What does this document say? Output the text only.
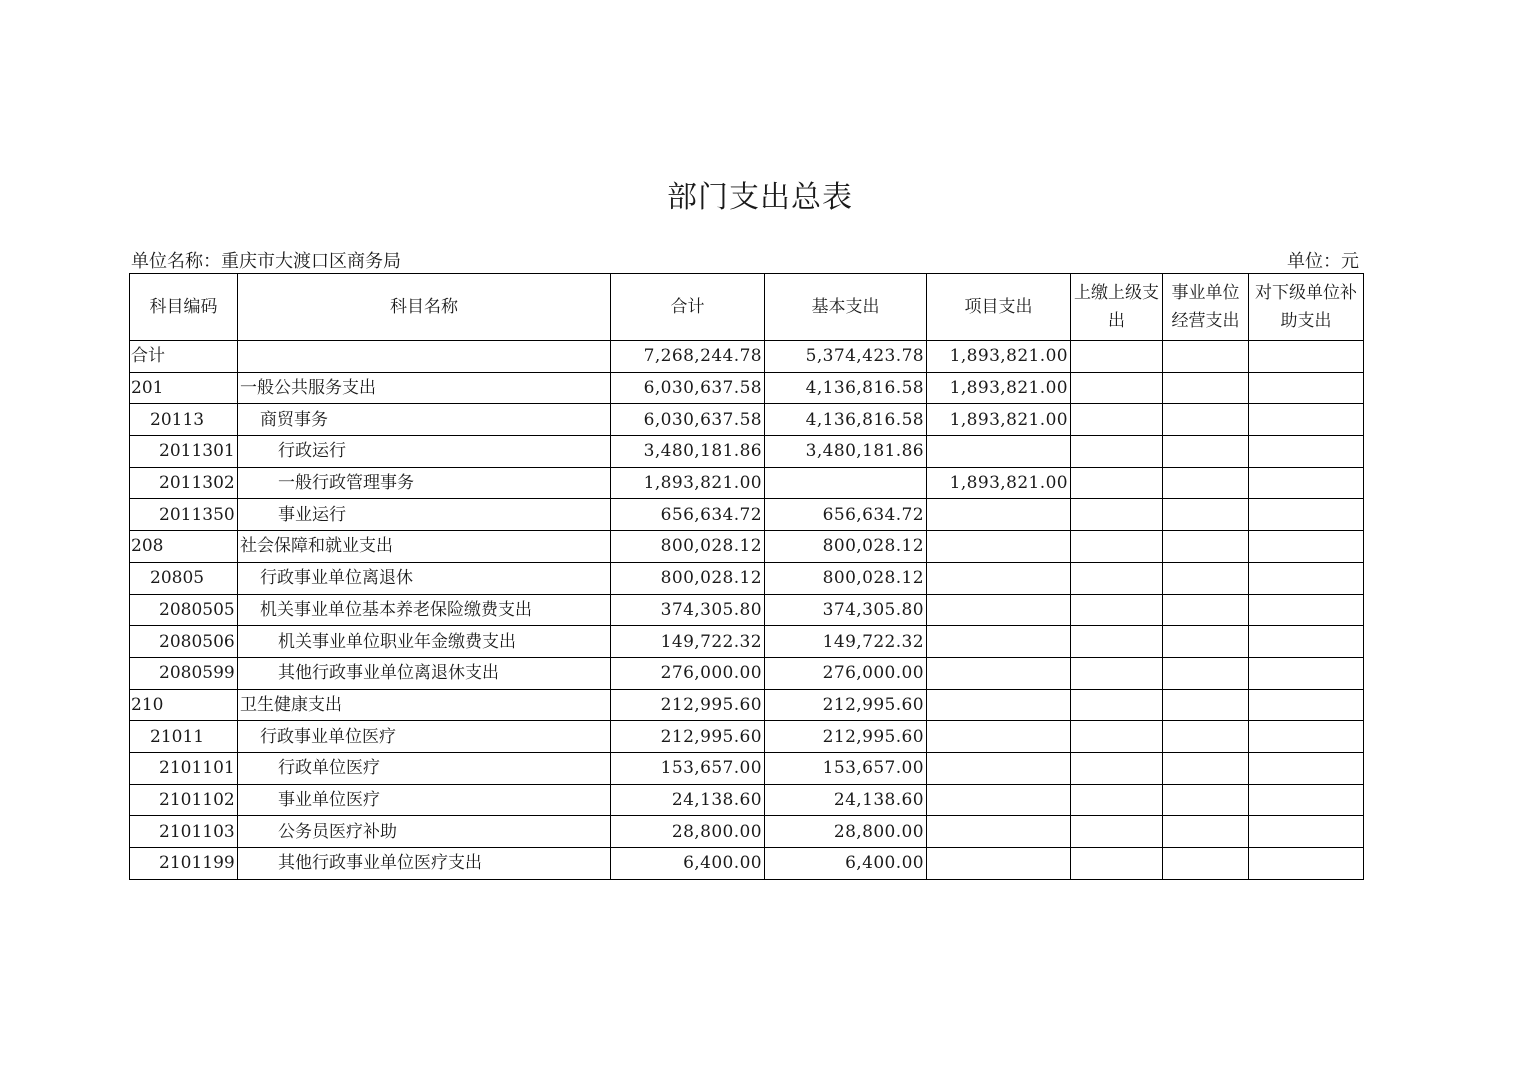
部门支出总表
单位名称：重庆市大渡口区商务局	单位：元
科目编码	科目名称	合计	基本支出	项目支出	上缴上级支出	事业单位经营支出	对下级单位补助支出
合计		7,268,244.78	5,374,423.78	1,893,821.00			
201	一般公共服务支出	6,030,637.58	4,136,816.58	1,893,821.00			
20113	商贸事务	6,030,637.58	4,136,816.58	1,893,821.00			
2011301	行政运行	3,480,181.86	3,480,181.86				
2011302	一般行政管理事务	1,893,821.00		1,893,821.00			
2011350	事业运行	656,634.72	656,634.72				
208	社会保障和就业支出	800,028.12	800,028.12				
20805	行政事业单位离退休	800,028.12	800,028.12				
2080505	机关事业单位基本养老保险缴费支出	374,305.80	374,305.80				
2080506	机关事业单位职业年金缴费支出	149,722.32	149,722.32				
2080599	其他行政事业单位离退休支出	276,000.00	276,000.00				
210	卫生健康支出	212,995.60	212,995.60				
21011	行政事业单位医疗	212,995.60	212,995.60				
2101101	行政单位医疗	153,657.00	153,657.00				
2101102	事业单位医疗	24,138.60	24,138.60				
2101103	公务员医疗补助	28,800.00	28,800.00				
2101199	其他行政事业单位医疗支出	6,400.00	6,400.00				
